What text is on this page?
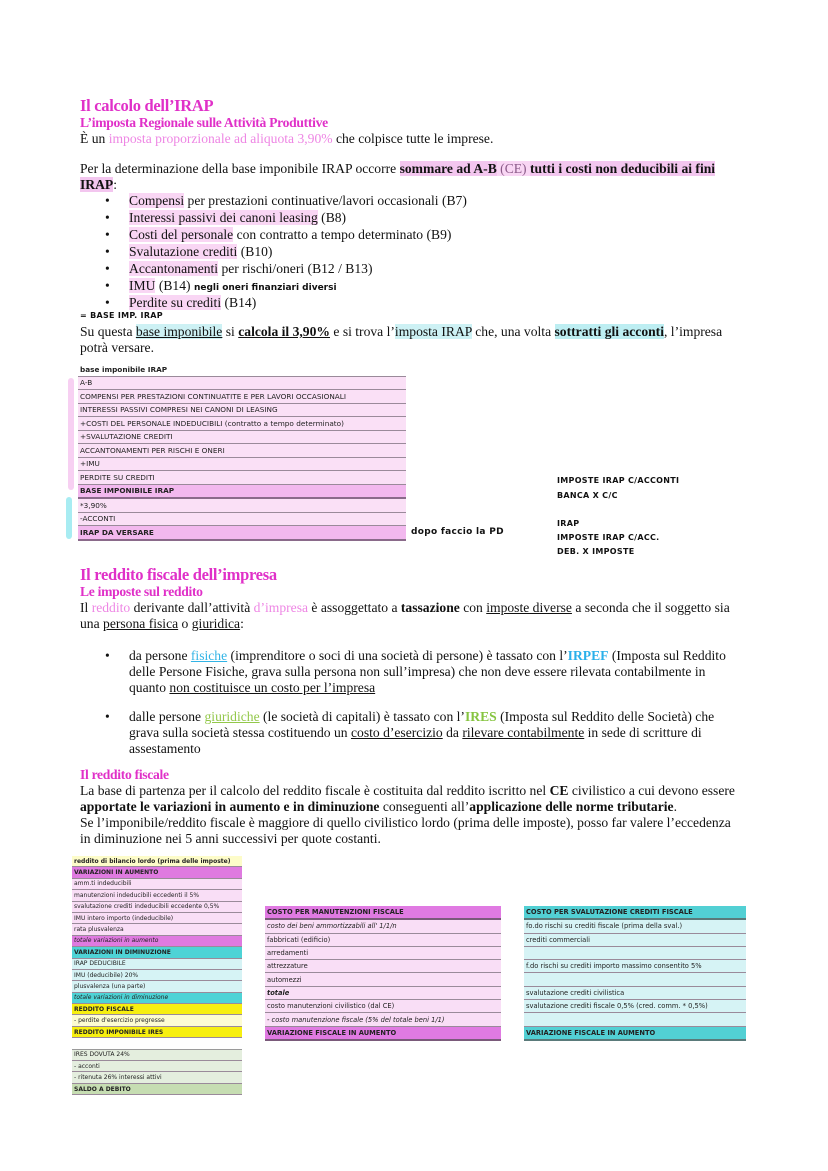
Il calcolo dell’IRAP
L’imposta Regionale sulle Attività Produttive
È un imposta proporzionale ad aliquota 3,90% che colpisce tutte le imprese.
Per la determinazione della base imponibile IRAP occorre sommare ad A-B (CE) tutti i costi non deducibili ai fini
IRAP:
• Compensi per prestazioni continuative/lavori occasionali (B7)
• Interessi passivi dei canoni leasing (B8)
• Costi del personale con contratto a tempo determinato (B9)
• Svalutazione crediti (B10)
• Accantonamenti per rischi/oneri (B12 / B13)
• IMU (B14) negli oneri finanziari diversi
• Perdite su crediti (B14)
= BASE IMP. IRAP
Su questa base imponibile si calcola il 3,90% e si trova l’imposta IRAP che, una volta sottratti gli acconti, l’impresa
potrà versare.
base imponibile IRAP
A-B
COMPENSI PER PRESTAZIONI CONTINUATITE E PER LAVORI OCCASIONALI
INTERESSI PASSIVI COMPRESI NEI CANONI DI LEASING
+COSTI DEL PERSONALE INDEDUCIBILI (contratto a tempo determinato)
+SVALUTAZIONE CREDITI
ACCANTONAMENTI PER RISCHI E ONERI
+IMU
PERDITE SU CREDITI
BASE IMPONIBILE IRAP
*3,90%
-ACCONTI
IRAP DA VERSARE	dopo faccio la PD
IMPOSTE IRAP C/ACCONTI
BANCA X C/C
IRAP
IMPOSTE IRAP C/ACC.
DEB. X IMPOSTE
Il reddito fiscale dell’impresa
Le imposte sul reddito
Il reddito derivante dall’attività d’impresa è assoggettato a tassazione con imposte diverse a seconda che il soggetto sia
una persona fisica o giuridica:
• da persone fisiche (imprenditore o soci di una società di persone) è tassato con l’IRPEF (Imposta sul Reddito
delle Persone Fisiche, grava sulla persona non sull’impresa) che non deve essere rilevata contabilmente in
quanto non costituisce un costo per l’impresa
• dalle persone giuridiche (le società di capitali) è tassato con l’IRES (Imposta sul Reddito delle Società) che
grava sulla società stessa costituendo un costo d’esercizio da rilevare contabilmente in sede di scritture di
assestamento
Il reddito fiscale
La base di partenza per il calcolo del reddito fiscale è costituita dal reddito iscritto nel CE civilistico a cui devono essere
apportate le variazioni in aumento e in diminuzione conseguenti all’applicazione delle norme tributarie.
Se l’imponibile/reddito fiscale è maggiore di quello civilistico lordo (prima delle imposte), posso far valere l’eccedenza
in diminuzione nei 5 anni successivi per quote costanti.
reddito di bilancio lordo (prima delle imposte)
VARIAZIONI IN AUMENTO
amm.ti indeducibili
manutenzioni indeducibili eccedenti il 5%
svalutazione crediti indeducibili eccedente 0,5%
IMU intero importo (indeducibile)
rata plusvalenza
totale variazioni in aumento
VARIAZIONI IN DIMINUZIONE
IRAP DEDUCIBILE
IMU (deducibile) 20%
plusvalenza (una parte)
totale variazioni in diminuzione
REDDITO FISCALE
- perdite d'esercizio pregresse
REDDITO IMPONIBILE IRES

IRES DOVUTA 24%
- acconti
- ritenuta 26% interessi attivi
SALDO A DEBITO
COSTO PER MANUTENZIONI FISCALE
costo dei beni ammortizzabili all' 1/1/n
fabbricati (edificio)
arredamenti
attrezzature
automezzi
totale
costo manutenzioni civilistico (dal CE)
- costo manutenzione fiscale (5% del totale beni 1/1)
VARIAZIONE FISCALE IN AUMENTO
COSTO PER SVALUTAZIONE CREDITI FISCALE
fo.do rischi su crediti fiscale (prima della sval.)
crediti commerciali

f.do rischi su crediti importo massimo consentito 5%

svalutazione crediti civilistica
svalutazione crediti fiscale 0,5% (cred. comm. * 0,5%)

VARIAZIONE FISCALE IN AUMENTO
